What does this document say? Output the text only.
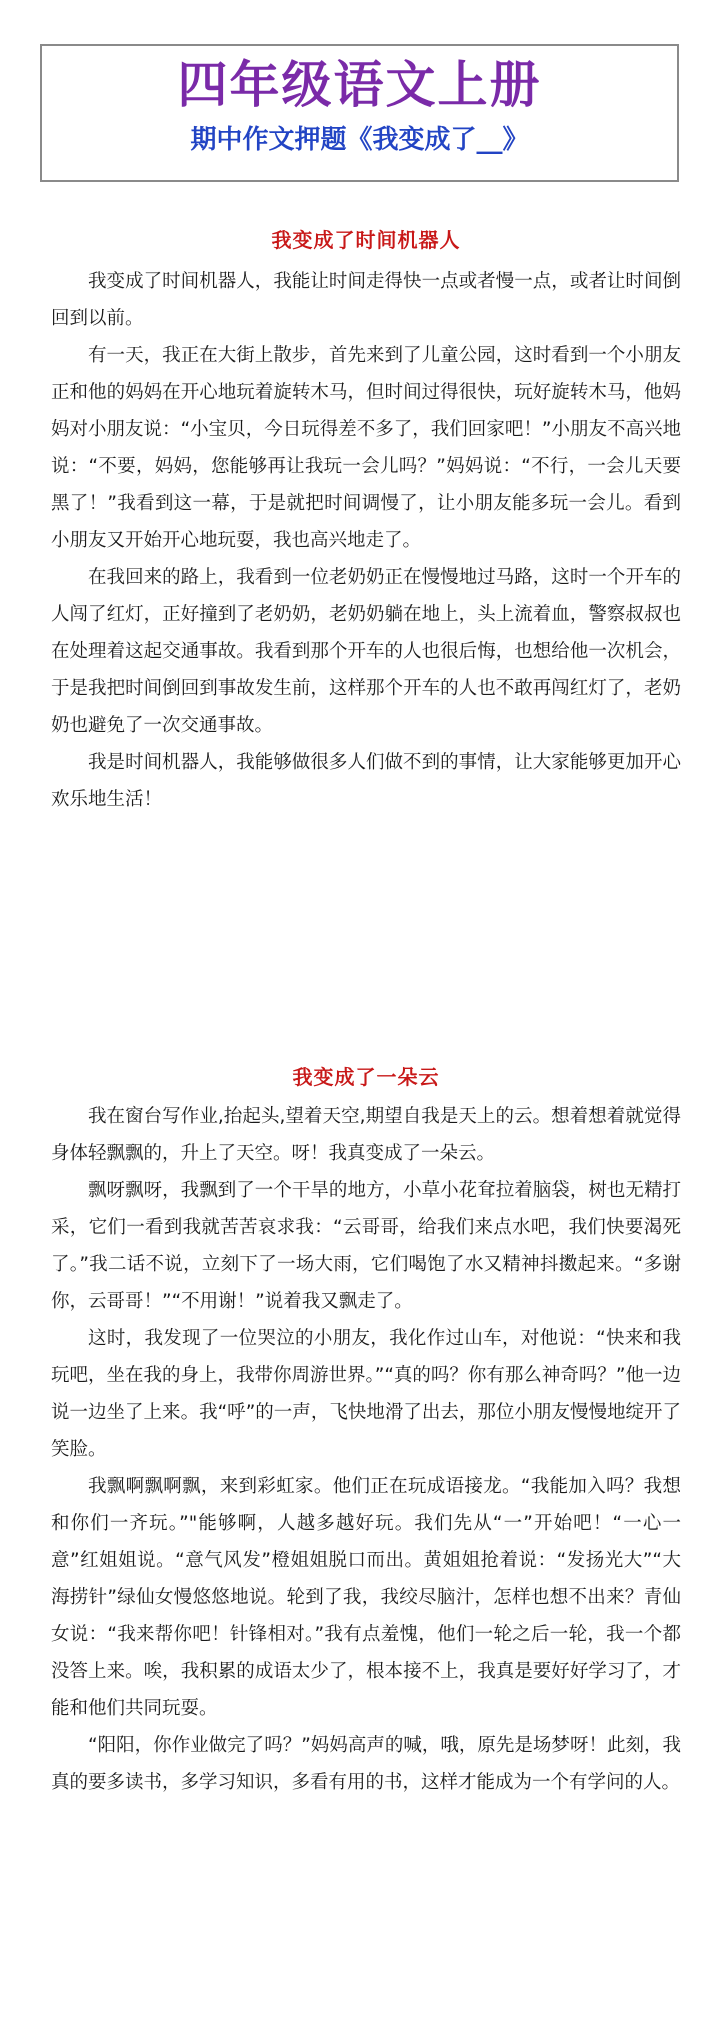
四年级语文上册
期中作文押题《我变成了__》
我变成了时间机器人

我变成了时间机器人，我能让时间走得快一点或者慢一点，或者让时间倒回到以前。

有一天，我正在大街上散步，首先来到了儿童公园，这时看到一个小朋友正和他的妈妈在开心地玩着旋转木马，但时间过得很快，玩好旋转木马，他妈妈对小朋友说：“小宝贝，今日玩得差不多了，我们回家吧！”小朋友不高兴地说：“不要，妈妈，您能够再让我玩一会儿吗？”妈妈说：“不行，一会儿天要黑了！”我看到这一幕，于是就把时间调慢了，让小朋友能多玩一会儿。看到小朋友又开始开心地玩耍，我也高兴地走了。

在我回来的路上，我看到一位老奶奶正在慢慢地过马路，这时一个开车的人闯了红灯，正好撞到了老奶奶，老奶奶躺在地上，头上流着血，警察叔叔也在处理着这起交通事故。我看到那个开车的人也很后悔，也想给他一次机会，于是我把时间倒回到事故发生前，这样那个开车的人也不敢再闯红灯了，老奶奶也避免了一次交通事故。

我是时间机器人，我能够做很多人们做不到的事情，让大家能够更加开心欢乐地生活！

我变成了一朵云

我在窗台写作业,抬起头,望着天空,期望自我是天上的云。想着想着就觉得身体轻飘飘的，升上了天空。呀！我真变成了一朵云。

飘呀飘呀，我飘到了一个干旱的地方，小草小花耷拉着脑袋，树也无精打采，它们一看到我就苦苦哀求我：“云哥哥，给我们来点水吧，我们快要渴死了。”我二话不说，立刻下了一场大雨，它们喝饱了水又精神抖擞起来。“多谢你，云哥哥！”“不用谢！”说着我又飘走了。

这时，我发现了一位哭泣的小朋友，我化作过山车，对他说：“快来和我玩吧，坐在我的身上，我带你周游世界。”“真的吗？你有那么神奇吗？”他一边说一边坐了上来。我“呼”的一声，飞快地滑了出去，那位小朋友慢慢地绽开了笑脸。

我飘啊飘啊飘，来到彩虹家。他们正在玩成语接龙。“我能加入吗？我想和你们一齐玩。”"能够啊，人越多越好玩。我们先从“一”开始吧！“一心一意”红姐姐说。“意气风发”橙姐姐脱口而出。黄姐姐抢着说：“发扬光大”“大海捞针”绿仙女慢悠悠地说。轮到了我，我绞尽脑汁，怎样也想不出来？青仙女说：“我来帮你吧！针锋相对。”我有点羞愧，他们一轮之后一轮，我一个都没答上来。唉，我积累的成语太少了，根本接不上，我真是要好好学习了，才能和他们共同玩耍。

“阳阳，你作业做完了吗？”妈妈高声的喊，哦，原先是场梦呀！此刻，我真的要多读书，多学习知识，多看有用的书，这样才能成为一个有学问的人。
